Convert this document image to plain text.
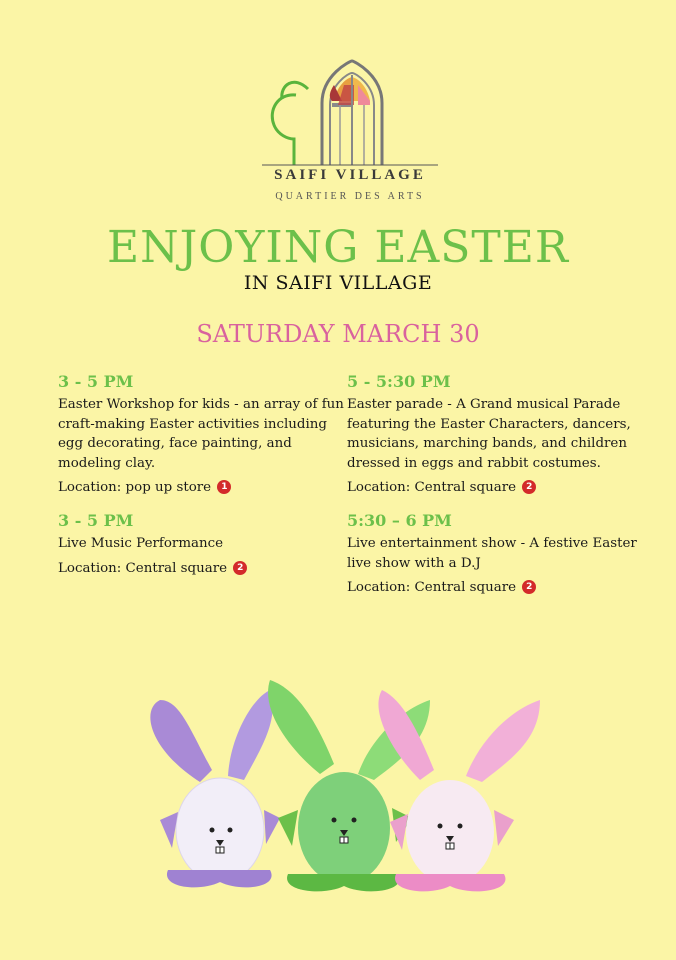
SAIFI VILLAGE
QUARTIER DES ARTS
ENJOYING EASTER
IN SAIFI VILLAGE
SATURDAY MARCH 30
3 - 5 PM
Easter Workshop for kids - an array of fun craft-making Easter activities including egg decorating, face painting, and modeling clay.
Location: pop up store 1
3 - 5 PM
Live Music Performance
Location: Central square 2
5 - 5:30 PM
Easter parade - A Grand musical Parade featuring the Easter Characters, dancers, musicians, marching bands, and children dressed in eggs and rabbit costumes.
Location: Central square 2
5:30 – 6 PM
Live entertainment show - A festive Easter live show with a D.J
Location: Central square 2
